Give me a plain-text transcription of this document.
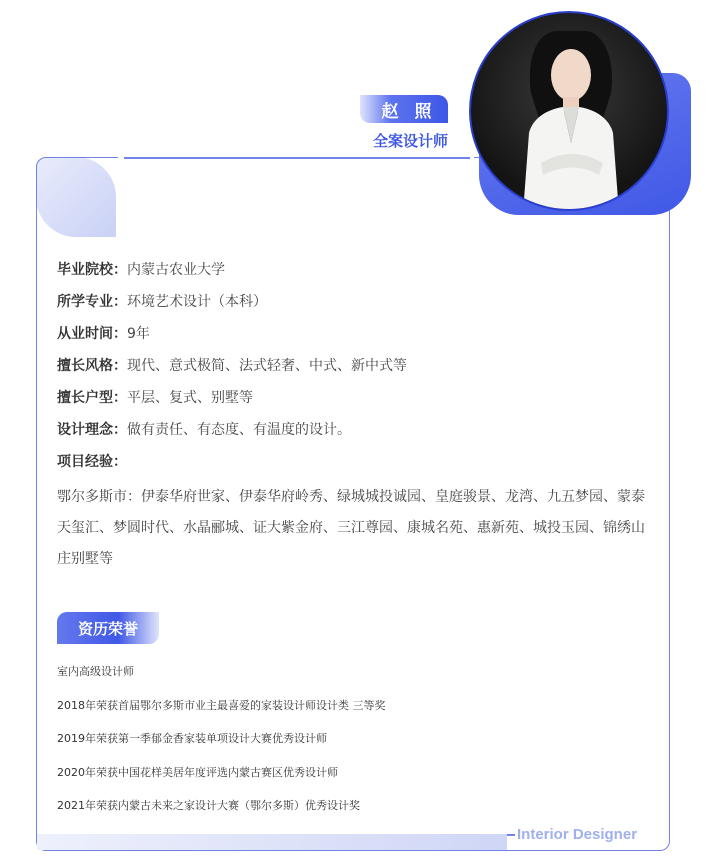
赵 照
全案设计师
毕业院校：内蒙古农业大学
所学专业：环境艺术设计（本科）
从业时间：9年
擅长风格：现代、意式极简、法式轻奢、中式、新中式等
擅长户型：平层、复式、别墅等
设计理念：做有责任、有态度、有温度的设计。
项目经验：
鄂尔多斯市：伊泰华府世家、伊泰华府岭秀、绿城城投诚园、皇庭骏景、龙湾、九五梦园、蒙泰天玺汇、梦圆时代、水晶郦城、证大紫金府、三江尊园、康城名苑、惠新苑、城投玉园、锦绣山庄别墅等
资历荣誉
室内高级设计师
2018年荣获首届鄂尔多斯市业主最喜爱的家装设计师设计类 三等奖
2019年荣获第一季郁金香家装单项设计大赛优秀设计师
2020年荣获中国花样美居年度评选内蒙古赛区优秀设计师
2021年荣获内蒙古未来之家设计大赛（鄂尔多斯）优秀设计奖
Interior Designer
